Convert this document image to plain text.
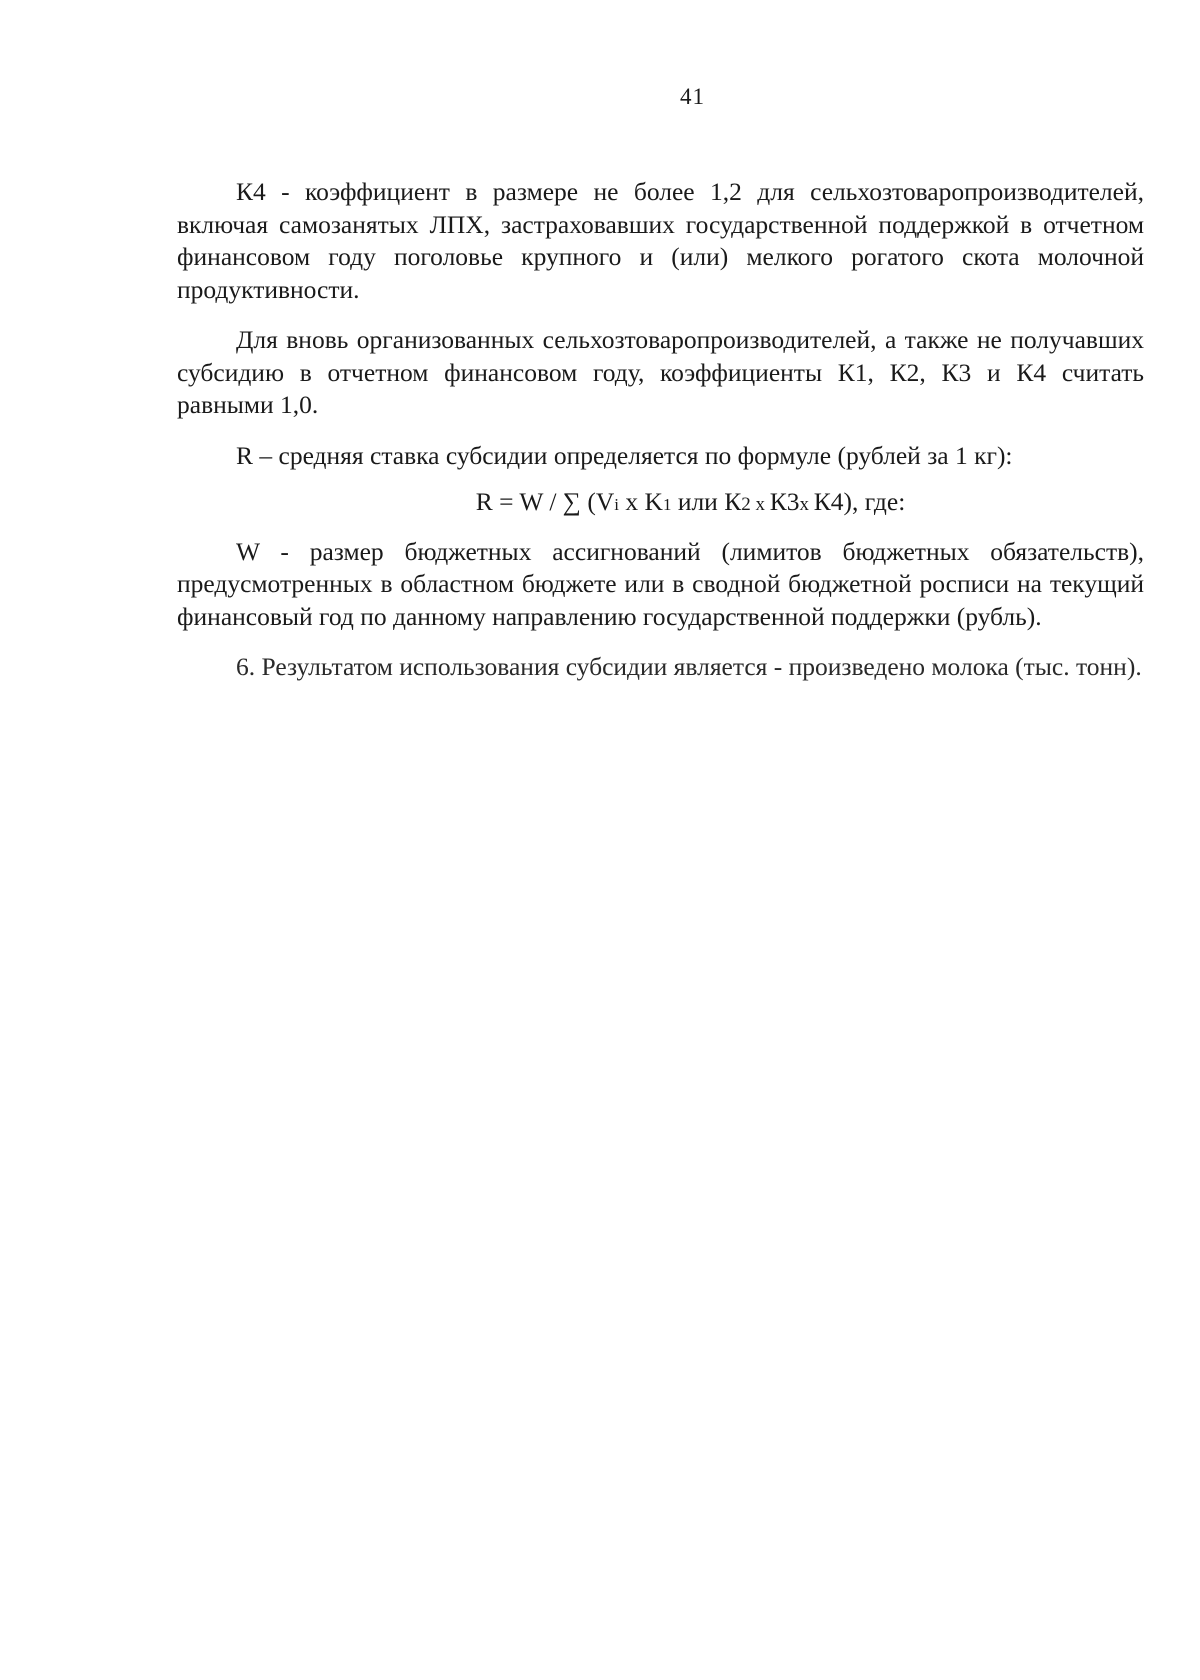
41

К4 - коэффициент в размере не более 1,2 для сельхозтоваропроизводителей, включая самозанятых ЛПХ, застраховавших государственной поддержкой в отчетном финансовом году поголовье крупного и (или) мелкого рогатого скота молочной продуктивности.

Для вновь организованных сельхозтоваропроизводителей, а также не получавших субсидию в отчетном финансовом году, коэффициенты К1, К2, К3 и К4 считать равными 1,0.

R – средняя ставка субсидии определяется по формуле (рублей за 1 кг):

R = W / ∑ (Vi x K1 или К2 x К3x К4), где:

W - размер бюджетных ассигнований (лимитов бюджетных обязательств), предусмотренных в областном бюджете или в сводной бюджетной росписи на текущий финансовый год по данному направлению государственной поддержки (рубль).

6. Результатом использования субсидии является - произведено молока (тыс. тонн).
